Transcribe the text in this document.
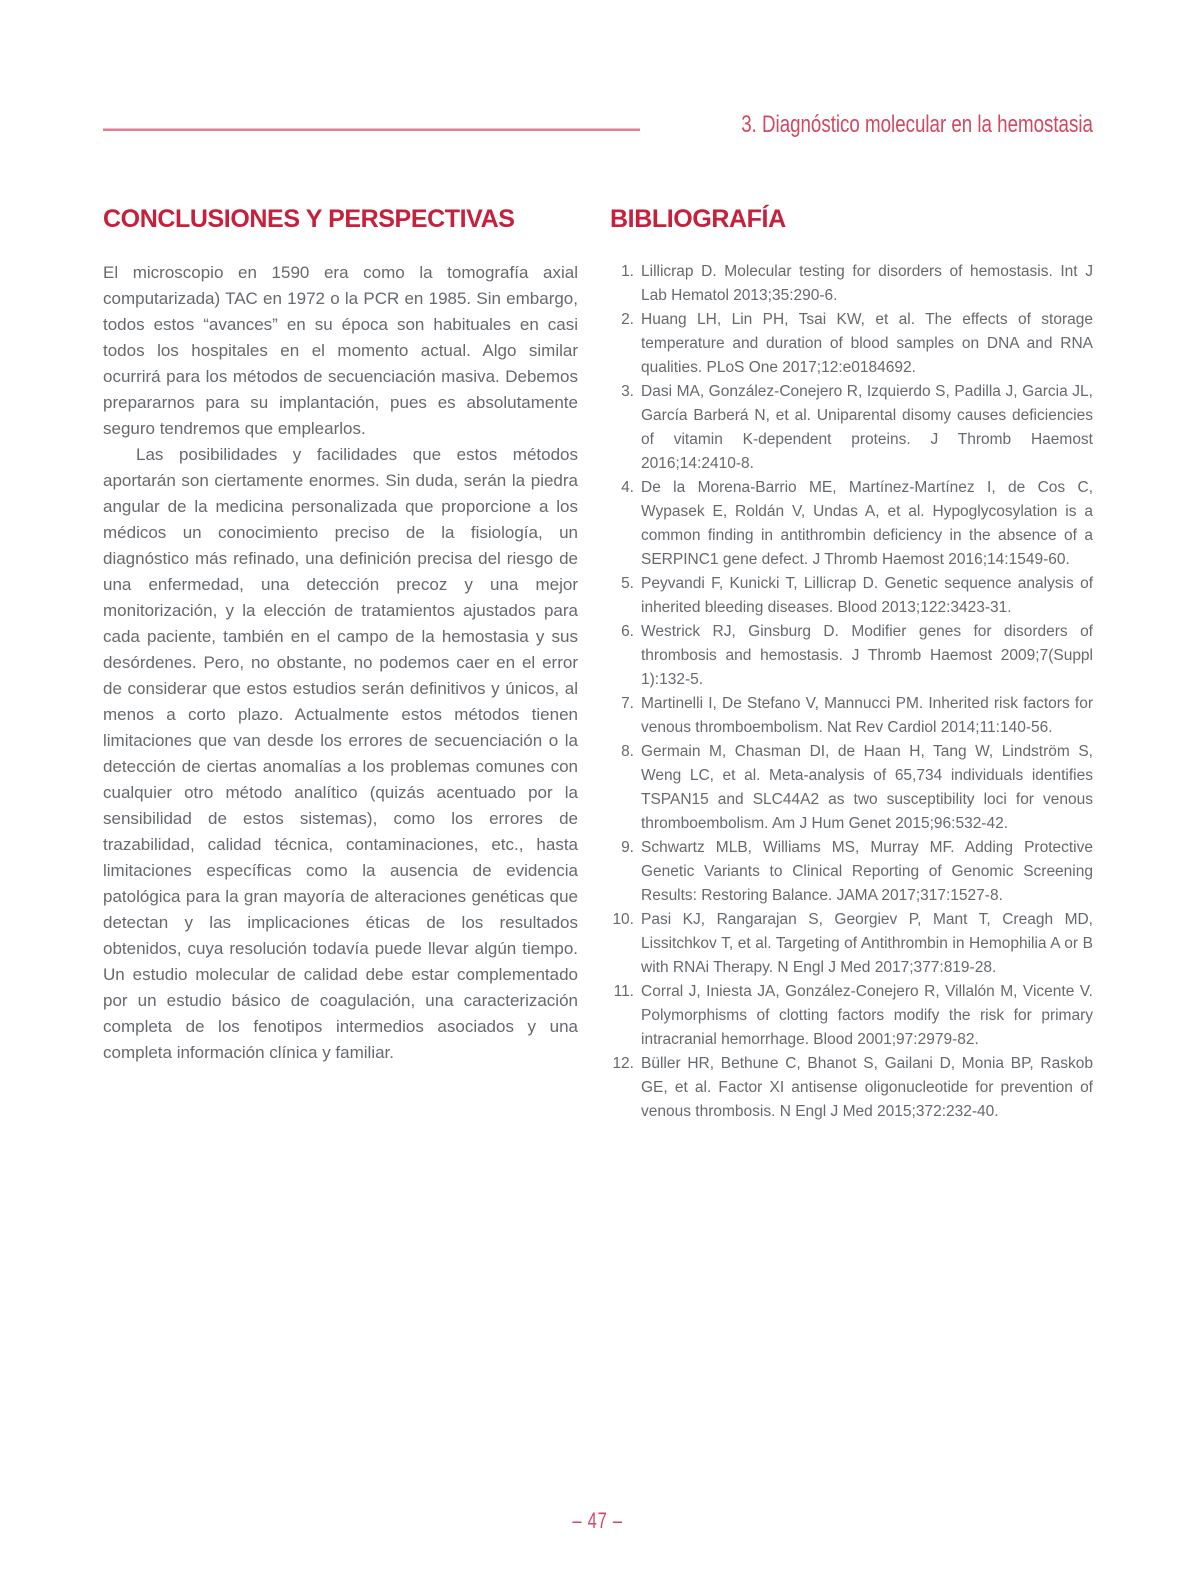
3. Diagnóstico molecular en la hemostasia
CONCLUSIONES Y PERSPECTIVAS

El microscopio en 1590 era como la tomografía axial computarizada) TAC en 1972 o la PCR en 1985. Sin embargo, todos estos “avances” en su época son habituales en casi todos los hospitales en el momento actual. Algo similar ocurrirá para los métodos de secuenciación masiva. Debemos prepararnos para su implantación, pues es absolutamente seguro tendremos que emplearlos.

Las posibilidades y facilidades que estos métodos aportarán son ciertamente enormes. Sin duda, serán la piedra angular de la medicina personalizada que proporcione a los médicos un conocimiento preciso de la fisiología, un diagnóstico más refinado, una definición precisa del riesgo de una enfermedad, una detección precoz y una mejor monitorización, y la elección de tratamientos ajustados para cada paciente, también en el campo de la hemostasia y sus desórdenes. Pero, no obstante, no podemos caer en el error de considerar que estos estudios serán definitivos y únicos, al menos a corto plazo. Actualmente estos métodos tienen limitaciones que van desde los errores de secuenciación o la detección de ciertas anomalías a los problemas comunes con cualquier otro método analítico (quizás acentuado por la sensibilidad de estos sistemas), como los errores de trazabilidad, calidad técnica, contaminaciones, etc., hasta limitaciones específicas como la ausencia de evidencia patológica para la gran mayoría de alteraciones genéticas que detectan y las implicaciones éticas de los resultados obtenidos, cuya resolución todavía puede llevar algún tiempo. Un estudio molecular de calidad debe estar complementado por un estudio básico de coagulación, una caracterización completa de los fenotipos intermedios asociados y una completa información clínica y familiar.

BIBLIOGRAFÍA
1. Lillicrap D. Molecular testing for disorders of hemostasis. Int J Lab Hematol 2013;35:290-6.
2. Huang LH, Lin PH, Tsai KW, et al. The effects of storage temperature and duration of blood samples on DNA and RNA qualities. PLoS One 2017;12:e0184692.
3. Dasi MA, González-Conejero R, Izquierdo S, Padilla J, Garcia JL, García Barberá N, et al. Uniparental disomy causes deficiencies of vitamin K-dependent proteins. J Thromb Haemost 2016;14:2410-8.
4. De la Morena-Barrio ME, Martínez-Martínez I, de Cos C, Wypasek E, Roldán V, Undas A, et al. Hypoglycosylation is a common finding in antithrombin deficiency in the absence of a SERPINC1 gene defect. J Thromb Haemost 2016;14:1549-60.
5. Peyvandi F, Kunicki T, Lillicrap D. Genetic sequence analysis of inherited bleeding diseases. Blood 2013;122:3423-31.
6. Westrick RJ, Ginsburg D. Modifier genes for disorders of thrombosis and hemostasis. J Thromb Haemost 2009;7(Suppl 1):132-5.
7. Martinelli I, De Stefano V, Mannucci PM. Inherited risk factors for venous thromboembolism. Nat Rev Cardiol 2014;11:140-56.
8. Germain M, Chasman DI, de Haan H, Tang W, Lindström S, Weng LC, et al. Meta-analysis of 65,734 individuals identifies TSPAN15 and SLC44A2 as two susceptibility loci for venous thromboembolism. Am J Hum Genet 2015;96:532-42.
9. Schwartz MLB, Williams MS, Murray MF. Adding Protective Genetic Variants to Clinical Reporting of Genomic Screening Results: Restoring Balance. JAMA 2017;317:1527-8.
10. Pasi KJ, Rangarajan S, Georgiev P, Mant T, Creagh MD, Lissitchkov T, et al. Targeting of Antithrombin in Hemophilia A or B with RNAi Therapy. N Engl J Med 2017;377:819-28.
11. Corral J, Iniesta JA, González-Conejero R, Villalón M, Vicente V. Polymorphisms of clotting factors modify the risk for primary intracranial hemorrhage. Blood 2001;97:2979-82.
12. Büller HR, Bethune C, Bhanot S, Gailani D, Monia BP, Raskob GE, et al. Factor XI antisense oligonucleotide for prevention of venous thrombosis. N Engl J Med 2015;372:232-40.
– 47 –
